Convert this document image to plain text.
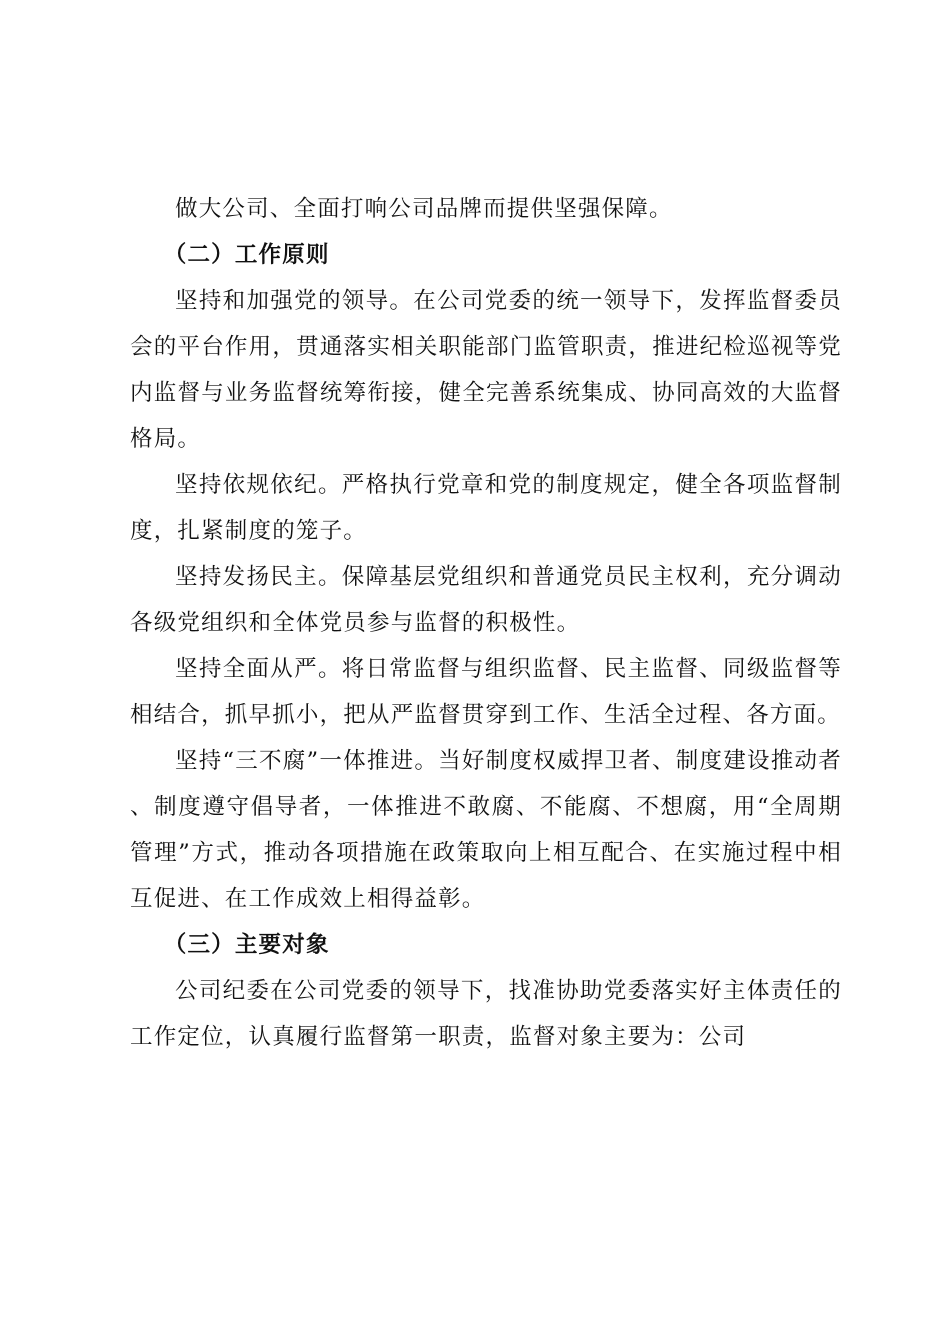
做大公司、全面打响公司品牌而提供坚强保障。

（二）工作原则

坚持和加强党的领导。在公司党委的统一领导下，发挥监督委员会的平台作用，贯通落实相关职能部门监管职责，推进纪检巡视等党内监督与业务监督统筹衔接，健全完善系统集成、协同高效的大监督格局。

坚持依规依纪。严格执行党章和党的制度规定，健全各项监督制度，扎紧制度的笼子。

坚持发扬民主。保障基层党组织和普通党员民主权利，充分调动各级党组织和全体党员参与监督的积极性。

坚持全面从严。将日常监督与组织监督、民主监督、同级监督等相结合，抓早抓小，把从严监督贯穿到工作、生活全过程、各方面。

坚持“三不腐”一体推进。当好制度权威捍卫者、制度建设推动者、制度遵守倡导者，一体推进不敢腐、不能腐、不想腐，用“全周期管理”方式，推动各项措施在政策取向上相互配合、在实施过程中相互促进、在工作成效上相得益彰。

（三）主要对象

公司纪委在公司党委的领导下，找准协助党委落实好主体责任的工作定位，认真履行监督第一职责，监督对象主要为：公司
